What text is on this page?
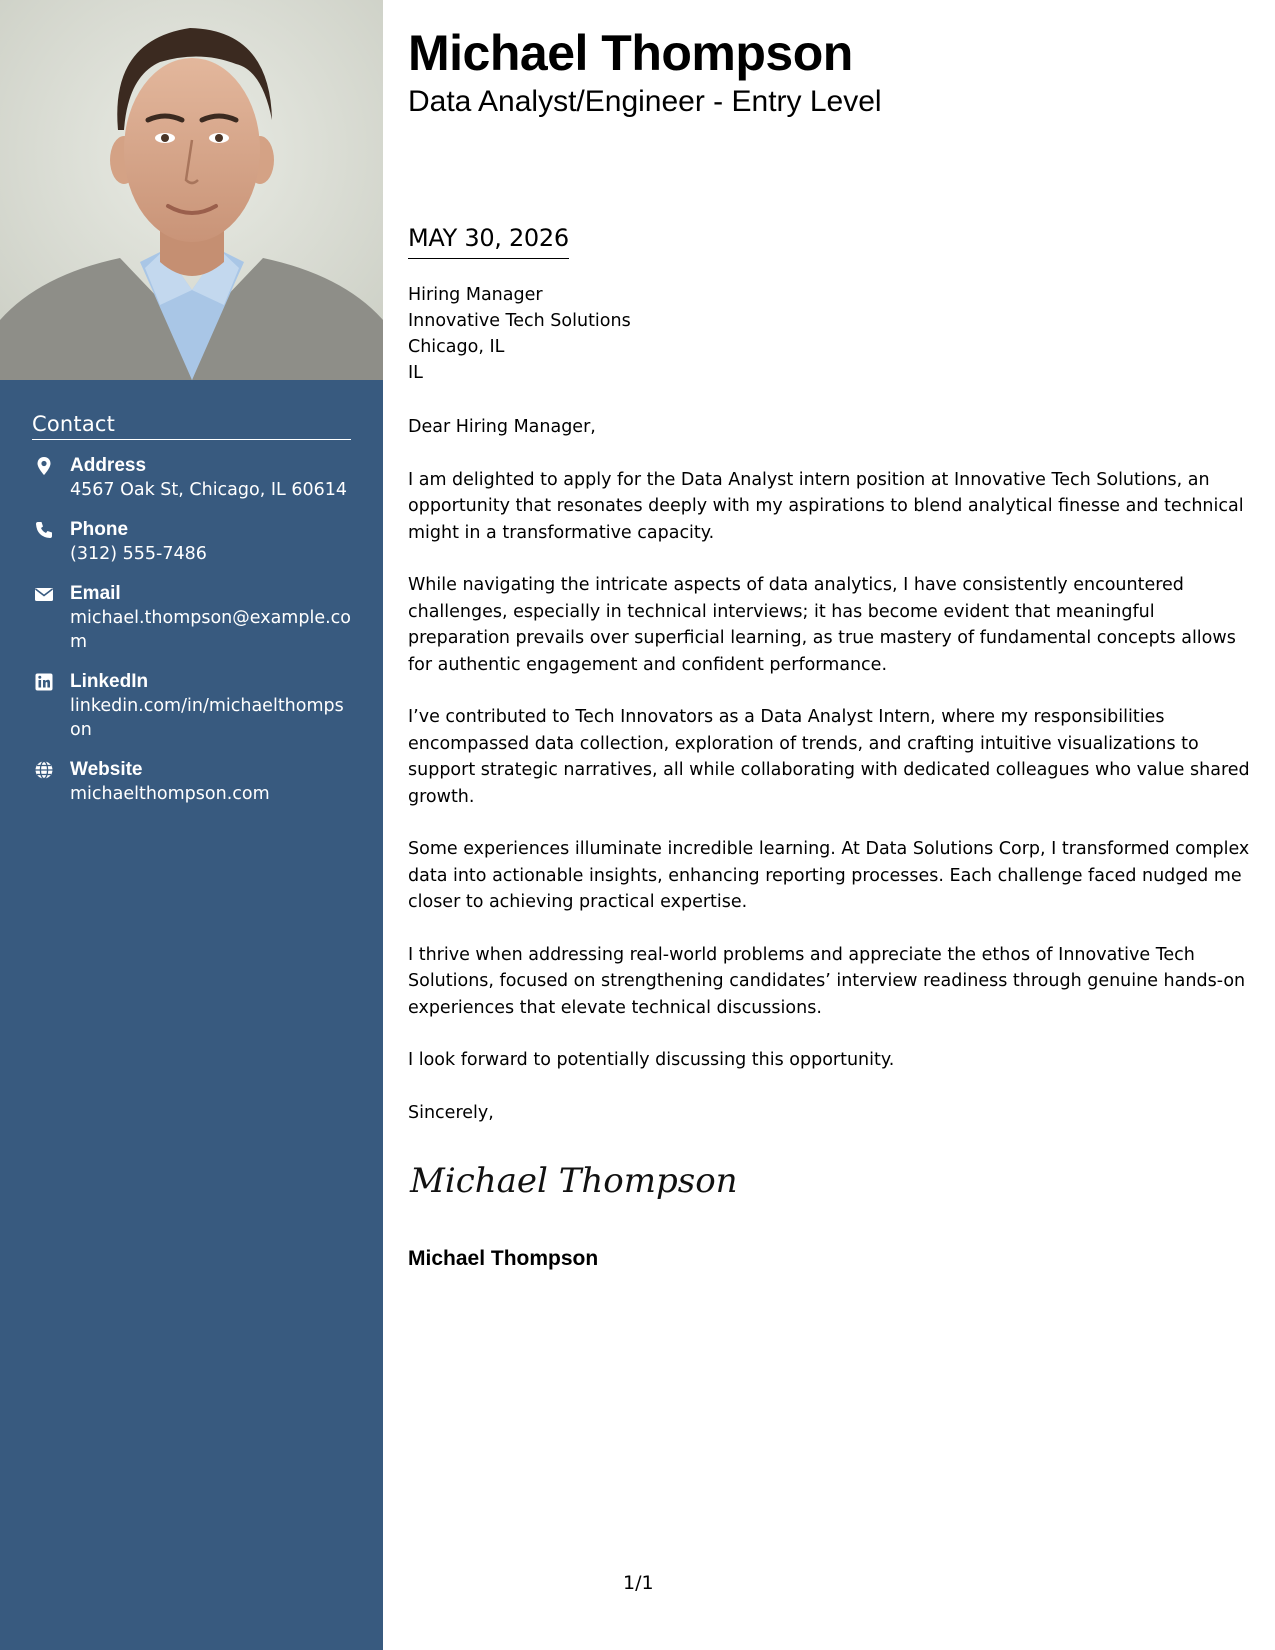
Contact
Address
4567 Oak St, Chicago, IL 60614
Phone
(312) 555-7486
Email
michael.thompson@example.com
LinkedIn
linkedin.com/in/michaelthompson
Website
michaelthompson.com
Michael Thompson
Data Analyst/Engineer - Entry Level
MAY 30, 2026
Hiring Manager
Innovative Tech Solutions
Chicago, IL
IL
Dear Hiring Manager,

I am delighted to apply for the Data Analyst intern position at Innovative Tech Solutions, an opportunity that resonates deeply with my aspirations to blend analytical finesse and technical might in a transformative capacity.

While navigating the intricate aspects of data analytics, I have consistently encountered challenges, especially in technical interviews; it has become evident that meaningful preparation prevails over superficial learning, as true mastery of fundamental concepts allows for authentic engagement and confident performance.

I’ve contributed to Tech Innovators as a Data Analyst Intern, where my responsibilities encompassed data collection, exploration of trends, and crafting intuitive visualizations to support strategic narratives, all while collaborating with dedicated colleagues who value shared growth.

Some experiences illuminate incredible learning. At Data Solutions Corp, I transformed complex data into actionable insights, enhancing reporting processes. Each challenge faced nudged me closer to achieving practical expertise.

I thrive when addressing real-world problems and appreciate the ethos of Innovative Tech Solutions, focused on strengthening candidates’ interview readiness through genuine hands-on experiences that elevate technical discussions.

I look forward to potentially discussing this opportunity.

Sincerely,
Michael Thompson
Michael Thompson
1/1
